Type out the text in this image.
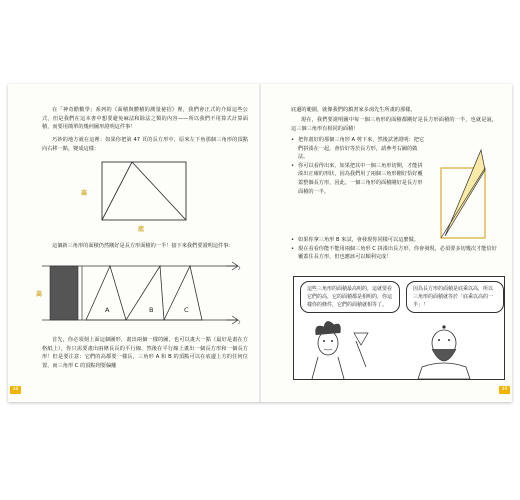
在「神奇酷數學」系列的《面積與體積的測量祕招》裡，我們會正式的介紹這些公式，但是我們在這本書中想要避免麻法和除法之類的內容——所以我們不用算式計算面積，而要用簡單的幾何圖形證明這件事！

巧妙的地方就在這裡：如果你把第 47 頁的長方形中，原來左下角那個三角形的頂點向右移一點，變成這樣：

高
底

這個新三角形的面積仍然剛好是長方形面積的一半！接下來我們要證明這件事：

高
A	B	C

首先，你必須刻上面這個圖形，畫出兩個一樣的圖，也可以畫大一點（最好是畫在方格紙上），你只需要畫出兩條長長的平行線，然後在平行線上畫出一個長方形和一個長方形！但是要注意：它們的高都要一樣長，三角形 A 和 B 的頂點可以在底邊上方的任何位置，而三角形 C 的頂點則要偏離

48

底邊的範圍，就像我們的鎮書家多湯先生所畫的那樣。

現在，我們要證明圖中每一個三角形的面積都剛好是長方形面積的一半，也就是說，這三個三角形有相同的面積！

• 把你畫好的那個三角形 A 剪下來，然後試著證明：把它們拼湊在一起，會恰好等於長方形，請參考右圖的做法。
• 你可以看得出來，如果把其中一個三角形切開，才能拼湊出正確的形狀，因為我們用了兩個三角形剛好恰好覆蓋整個長方形，因此，一個三角形的面積剛好是長方形面積的一半。
• 如果你拿三角形 B 來試，會發現你同樣可以這麼做。
• 現在看看你能不能用兩個三角形 C 拼湊出長方形，你會發現，必須要多切幾次才能恰好覆蓋住長方形，但也應該可以順利完成！
這些三角形的面積最高明的，這就要看它們的高，它的面積都是相明的，你這樣你的條件，它們的面積就相等了。
因為長方形的面積是底乘以高，所以三角形的面積就等於「底乘以高的一半」！
49
